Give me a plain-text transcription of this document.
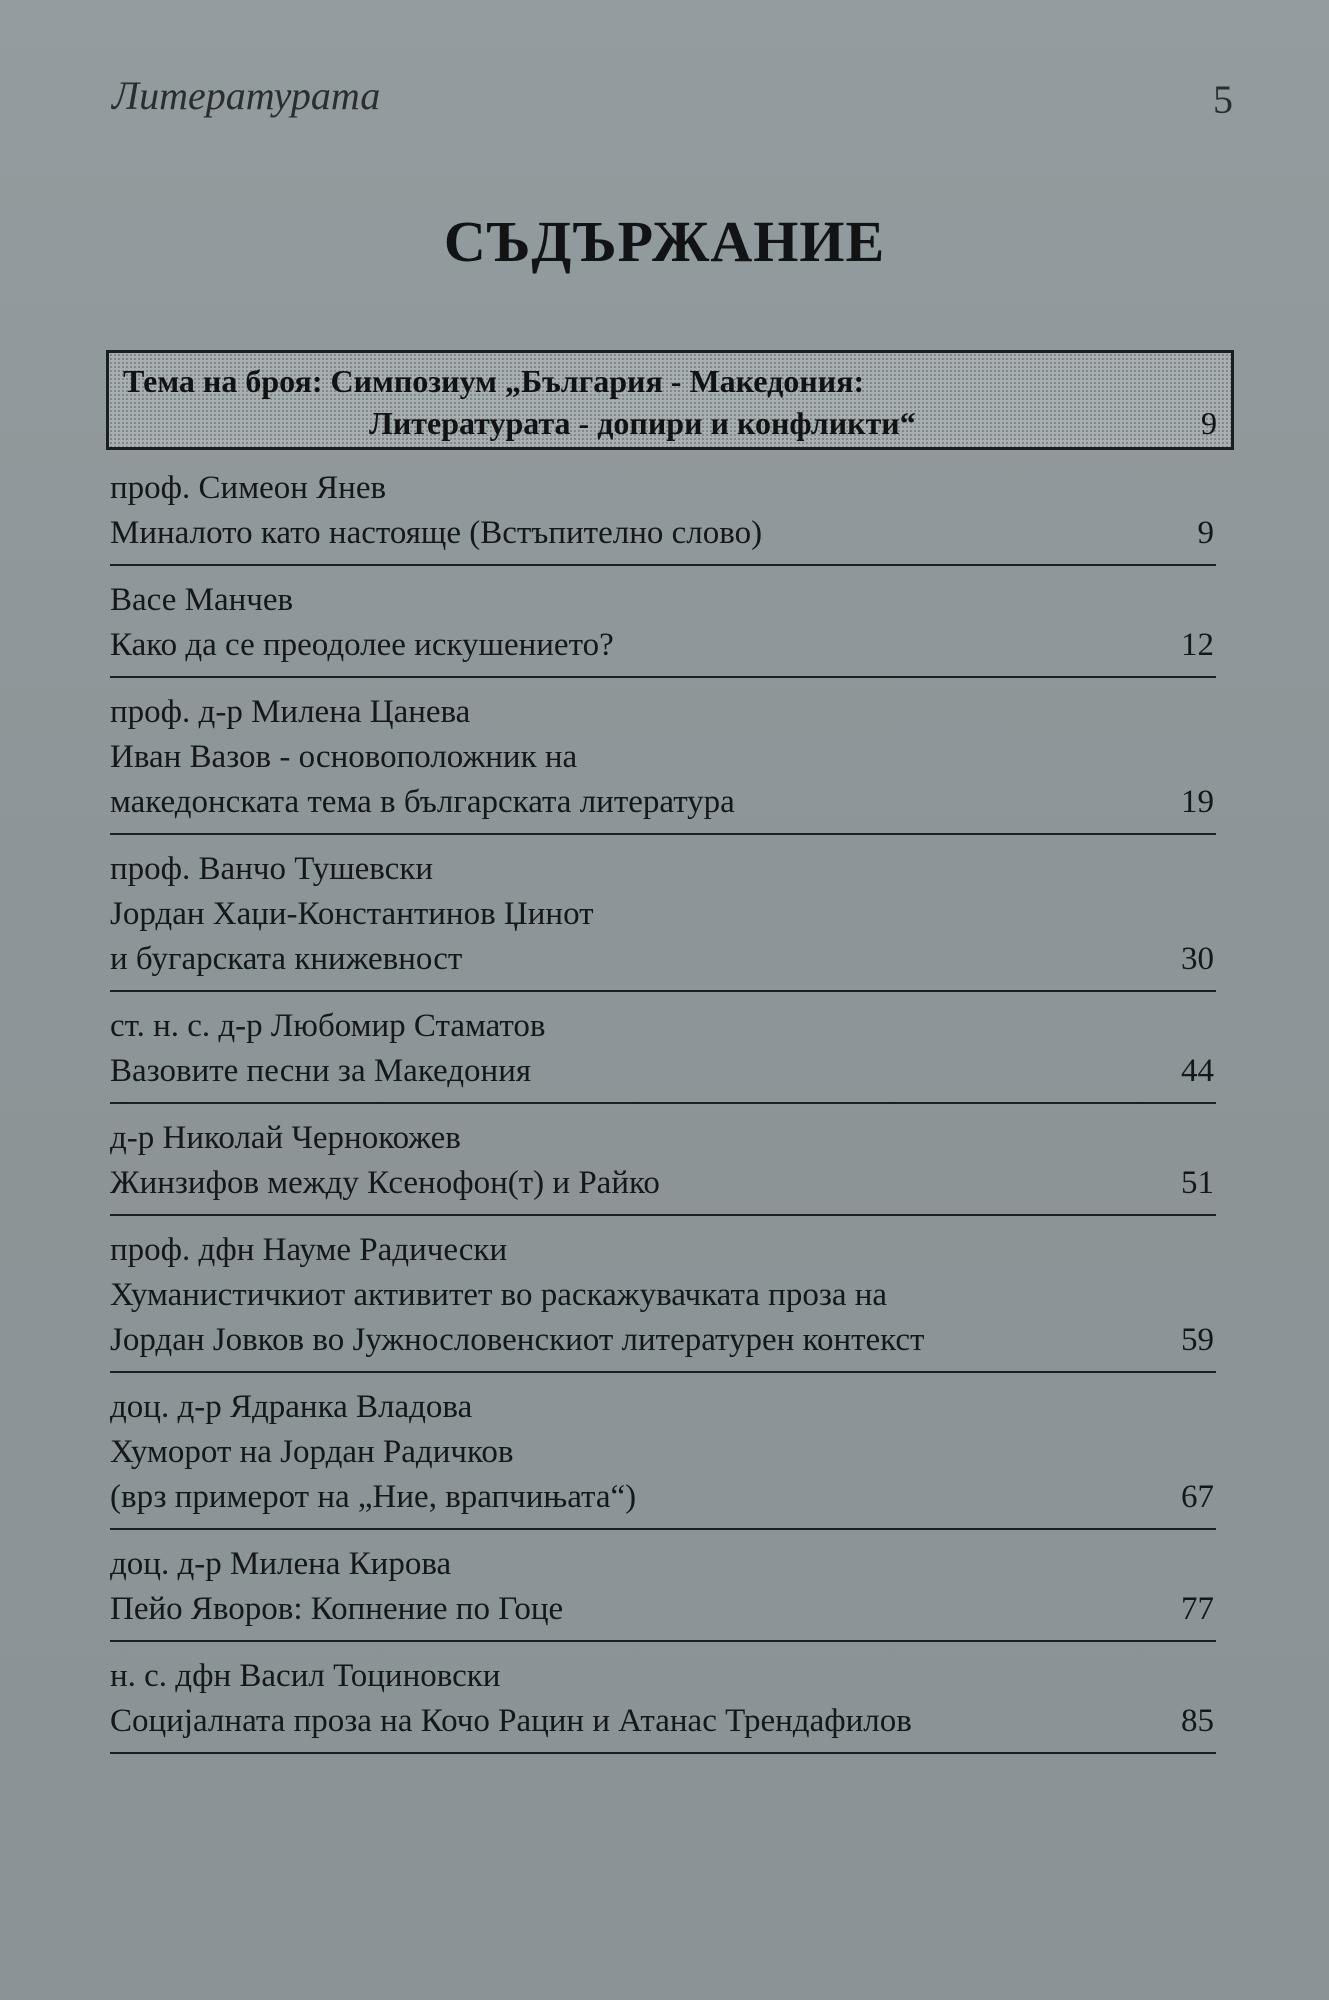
Литературата	5
СЪДЪРЖАНИЕ
Тема на броя: Симпозиум „България - Македония:
Литературата - допири и конфликти“	9
проф. Симеон Янев
Миналото като настояще (Встъпително слово)	9
Васе Манчев
Како да се преодолее искушението?	12
проф. д-р Милена Цанева
Иван Вазов - основоположник на
македонската тема в българската литература	19
проф. Ванчо Тушевски
Јордан Хаџи-Константинов Џинот
и бугарската книжевност	30
ст. н. с. д-р Любомир Стаматов
Вазовите песни за Македония	44
д-р Николай Чернокожев
Жинзифов между Ксенофон(т) и Райко	51
проф. дфн Науме Радически
Хуманистичкиот активитет во раскажувачката проза на
Јордан Јовков во Јужнословенскиот литературен контекст	59
доц. д-р Ядранка Владова
Хуморот на Јордан Радичков
(врз примерот на „Ние, врапчињата“)	67
доц. д-р Милена Кирова
Пейо Яворов: Копнение по Гоце	77
н. с. дфн Васил Тоциновски
Социјалната проза на Кочо Рацин и Атанас Трендафилов	85
